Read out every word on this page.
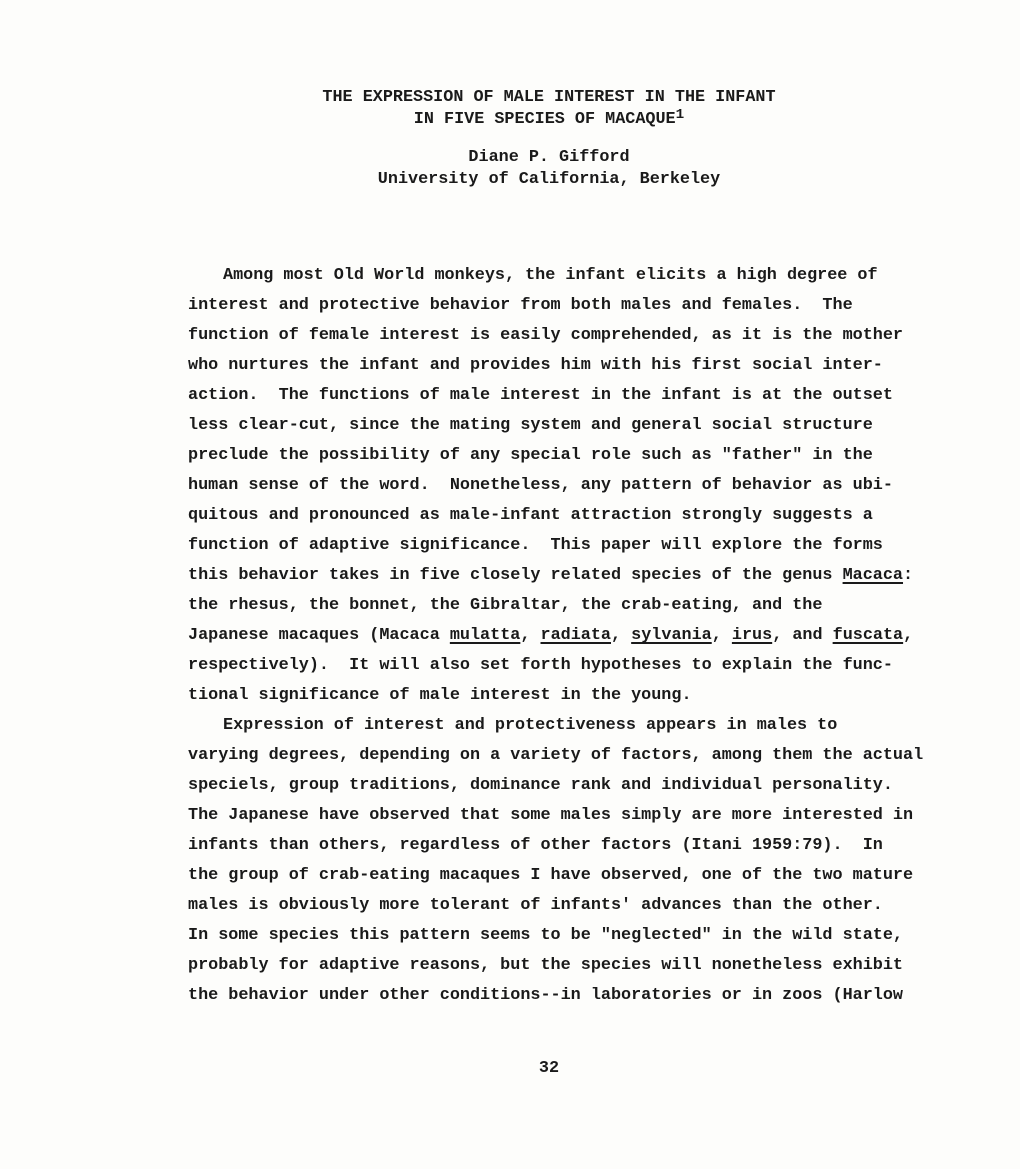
THE EXPRESSION OF MALE INTEREST IN THE INFANT
IN FIVE SPECIES OF MACAQUE$^1$
Diane P. Gifford
University of California, Berkeley
Among most Old World monkeys, the infant elicits a high degree of
interest and protective behavior from both males and females.  The
function of female interest is easily comprehended, as it is the mother
who nurtures the infant and provides him with his first social inter-
action.  The functions of male interest in the infant is at the outset
less clear-cut, since the mating system and general social structure
preclude the possibility of any special role such as "father" in the
human sense of the word.  Nonetheless, any pattern of behavior as ubi-
quitous and pronounced as male-infant attraction strongly suggests a
function of adaptive significance.  This paper will explore the forms
this behavior takes in five closely related species of the genus Macaca:
the rhesus, the bonnet, the Gibraltar, the crab-eating, and the
Japanese macaques (Macaca mulatta, radiata, sylvania, irus, and fuscata,
respectively).  It will also set forth hypotheses to explain the func-
tional significance of male interest in the young.
Expression of interest and protectiveness appears in males to
varying degrees, depending on a variety of factors, among them the actual
speciels, group traditions, dominance rank and individual personality.
The Japanese have observed that some males simply are more interested in
infants than others, regardless of other factors (Itani 1959:79).  In
the group of crab-eating macaques I have observed, one of the two mature
males is obviously more tolerant of infants' advances than the other.
In some species this pattern seems to be "neglected" in the wild state,
probably for adaptive reasons, but the species will nonetheless exhibit
the behavior under other conditions--in laboratories or in zoos (Harlow
32
